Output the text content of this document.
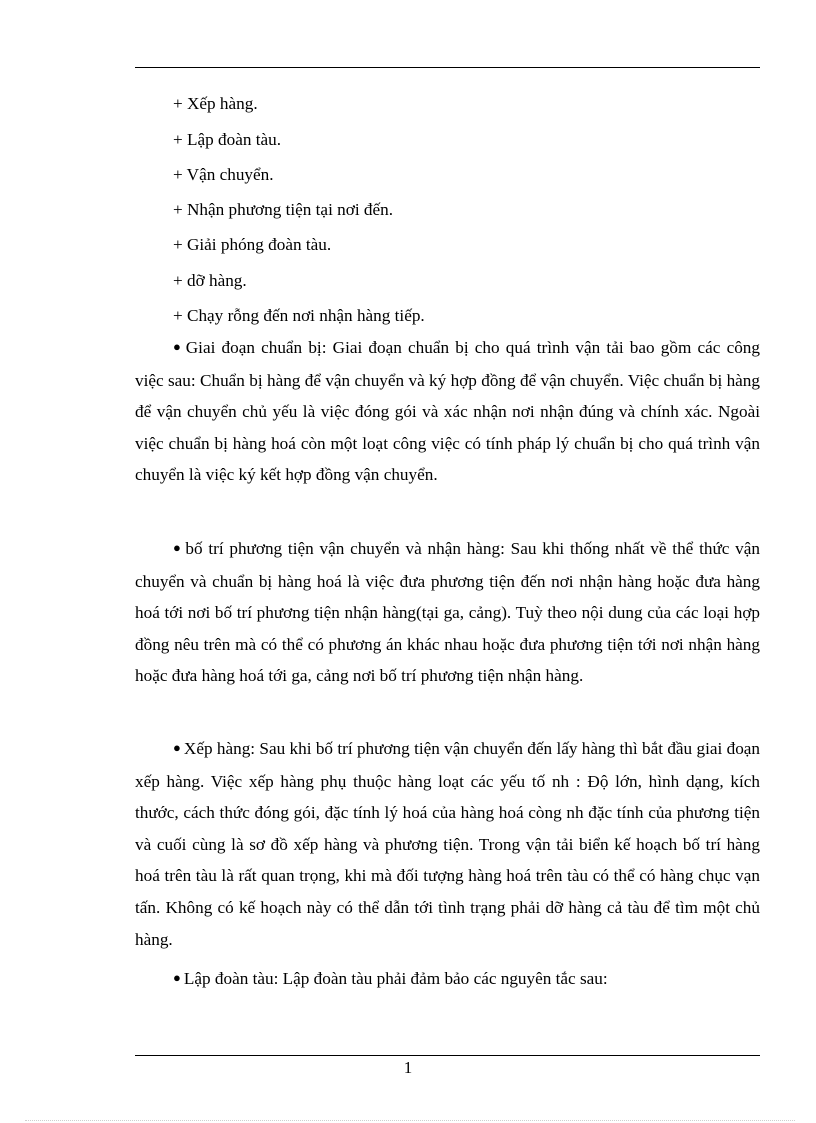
+ Xếp hàng.
+ Lập đoàn tàu.
+ Vận chuyển.
+ Nhận phương tiện tại nơi đến.
+ Giải phóng đoàn tàu.
+ dỡ hàng.
+ Chạy rỗng đến nơi nhận hàng tiếp.

● Giai đoạn chuẩn bị: Giai đoạn chuẩn bị cho quá trình vận tải bao gồm các công việc sau: Chuẩn bị hàng để vận chuyển và ký hợp đồng để vận chuyển. Việc chuẩn bị hàng để vận chuyển chủ yếu là việc đóng gói và xác nhận nơi nhận đúng và chính xác. Ngoài việc chuẩn bị hàng hoá còn một loạt công việc có tính pháp lý chuẩn bị cho quá trình vận chuyển là việc ký kết hợp đồng vận chuyển.

● bố trí phương tiện vận chuyển và nhận hàng: Sau khi thống nhất về thể thức vận chuyển và chuẩn bị hàng hoá là việc đưa phương tiện đến nơi nhận hàng hoặc đưa hàng hoá tới nơi bố trí phương tiện nhận hàng(tại ga, cảng). Tuỳ theo nội dung của các loại hợp đồng nêu trên mà có thể có phương án khác nhau hoặc đưa phương tiện tới nơi nhận hàng hoặc đưa hàng hoá tới ga, cảng nơi bố trí phương tiện nhận hàng.

● Xếp hàng: Sau khi bố trí phương tiện vận chuyển đến lấy hàng thì bắt đầu giai đoạn xếp hàng. Việc xếp hàng phụ thuộc hàng loạt các yếu tố nh : Độ lớn, hình dạng, kích thước, cách thức đóng gói, đặc tính lý hoá của hàng hoá còng nh đặc tính của phương tiện và cuối cùng là sơ đồ xếp hàng và phương tiện. Trong vận tải biển kế hoạch bố trí hàng hoá trên tàu là rất quan trọng, khi mà đối tượng hàng hoá trên tàu có thể có hàng chục vạn tấn. Không có kế hoạch này có thể dẫn tới tình trạng phải dỡ hàng cả tàu để tìm một chủ hàng.

● Lập đoàn tàu: Lập đoàn tàu phải đảm bảo các nguyên tắc sau:

1
